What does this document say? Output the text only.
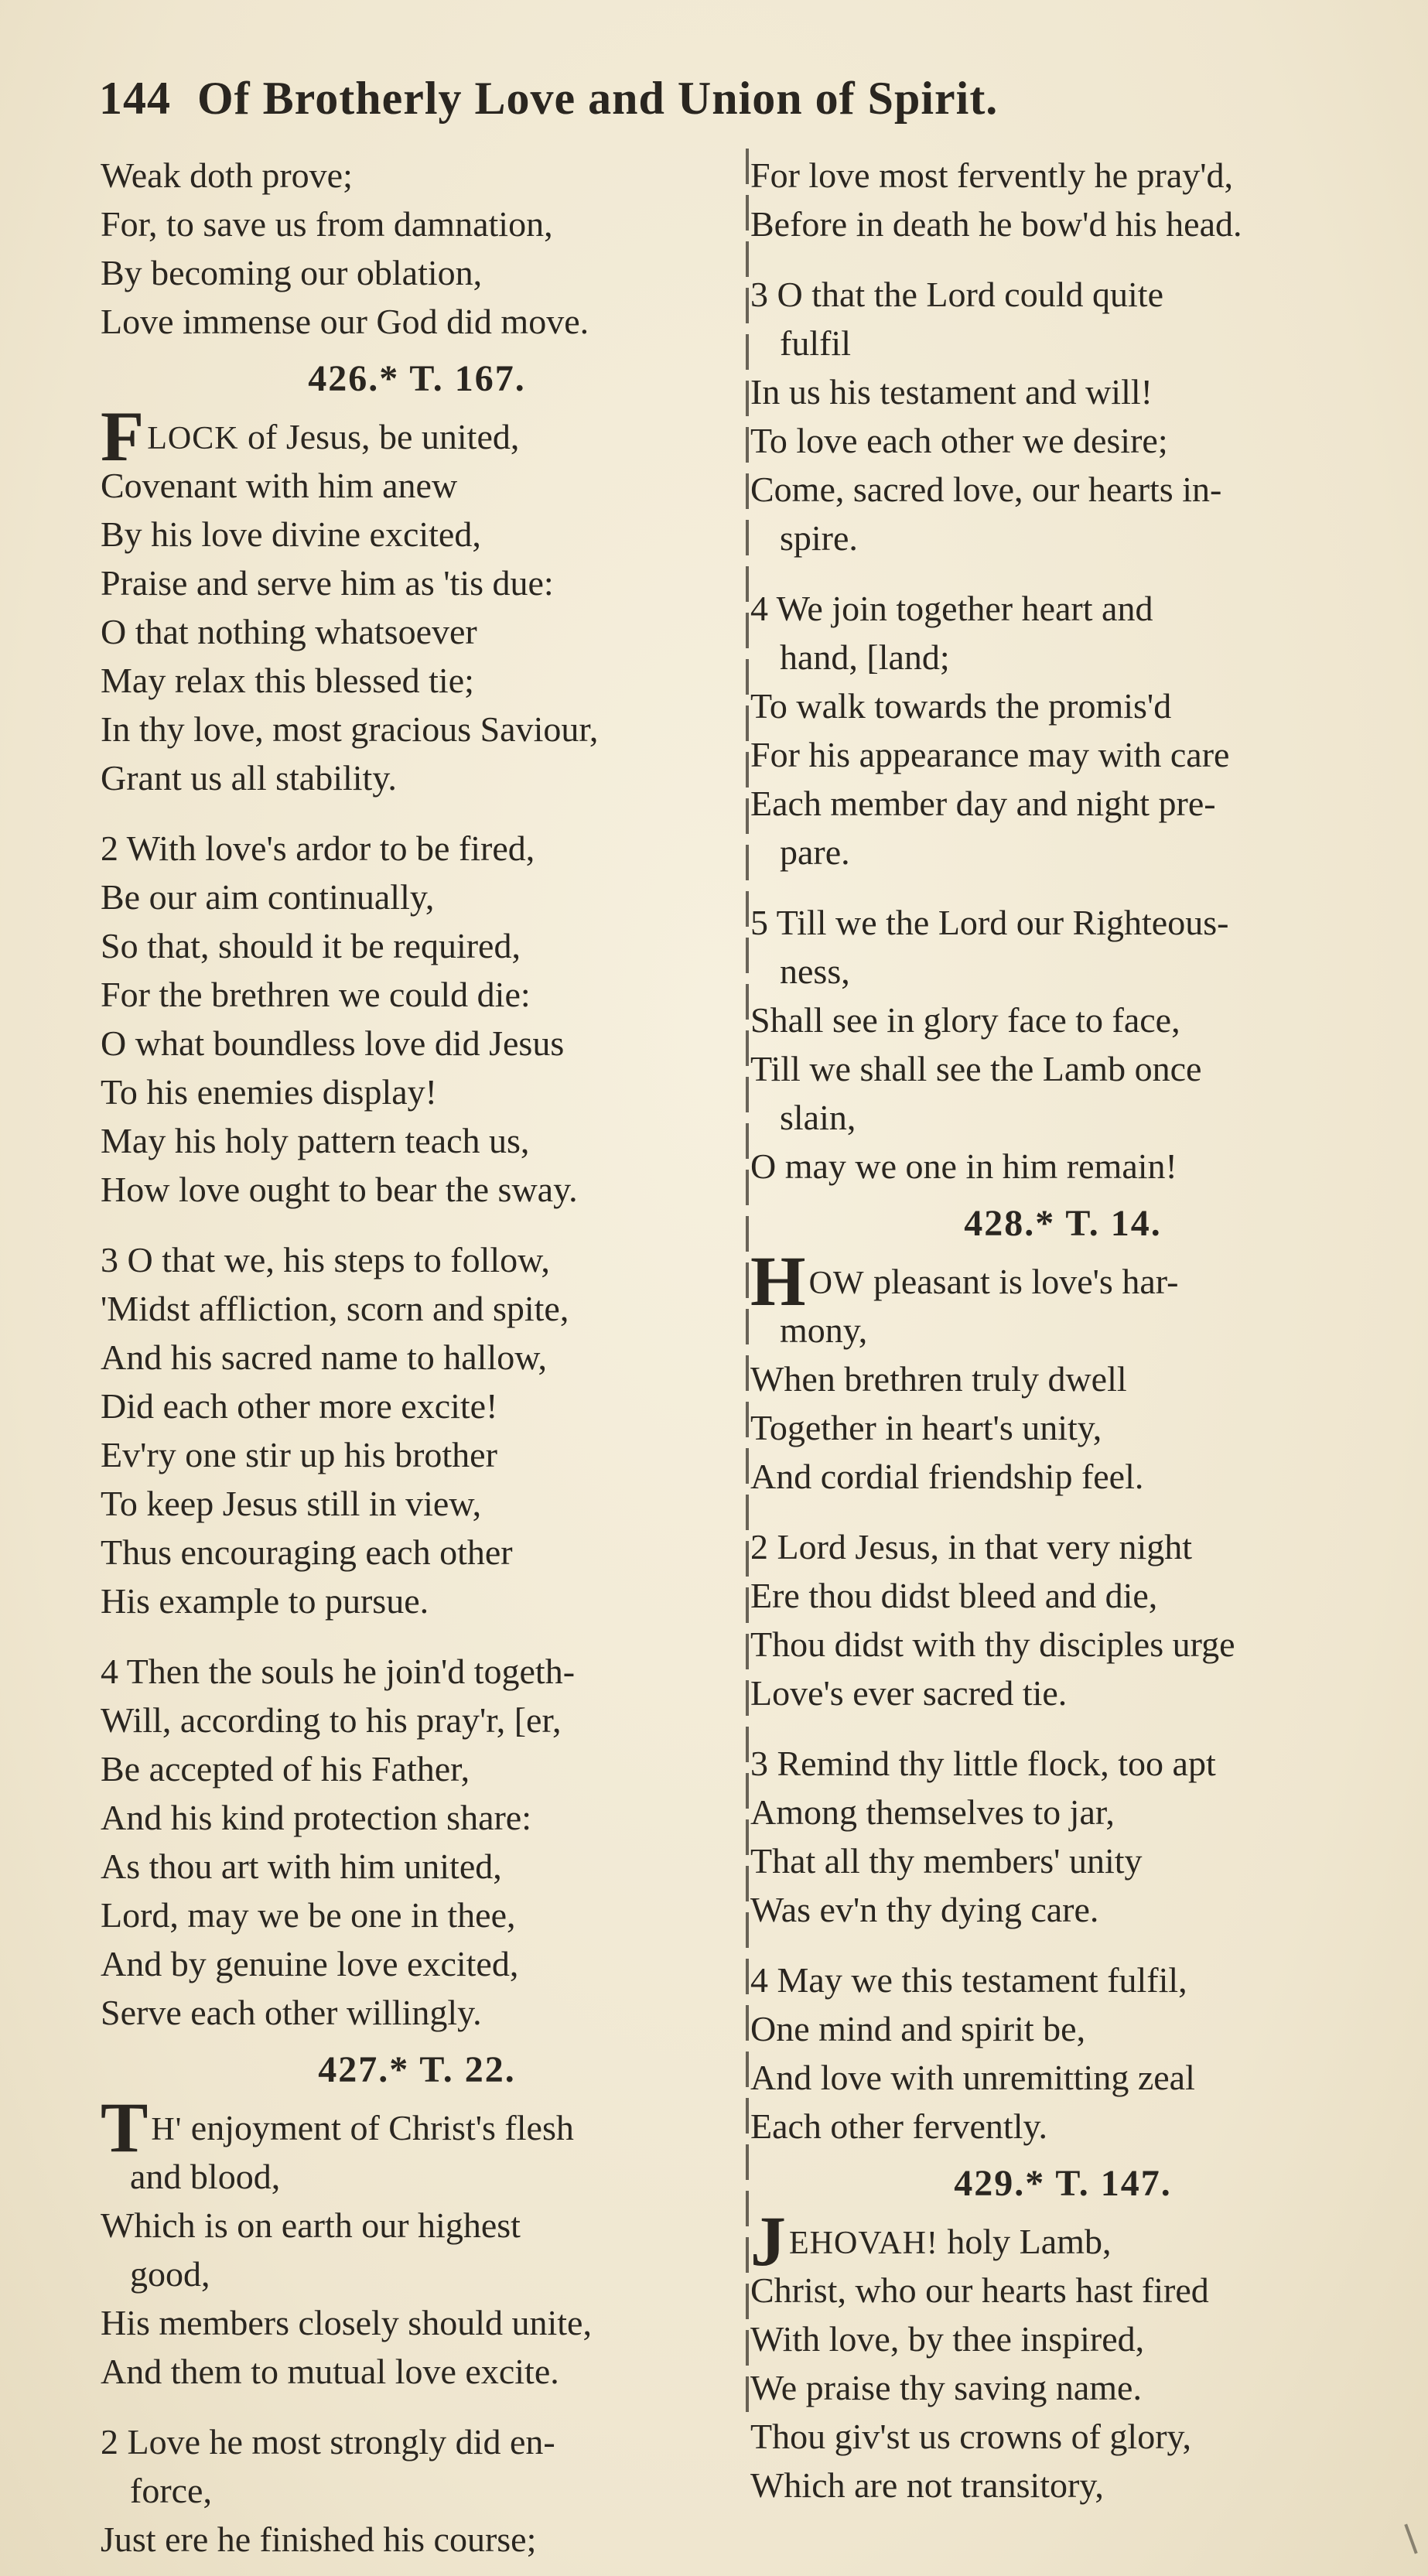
144 Of Brotherly Love and Union of Spirit.
Weak doth prove;
For, to save us from damnation,
By becoming our oblation,
Love immense our God did move.
426.* T. 167.
FLOCK of Jesus, be united,
Covenant with him anew
By his love divine excited,
Praise and serve him as 'tis due:
O that nothing whatsoever
May relax this blessed tie;
In thy love, most gracious Saviour,
Grant us all stability.
2 With love's ardor to be fired,
Be our aim continually,
So that, should it be required,
For the brethren we could die:
O what boundless love did Jesus
To his enemies display!
May his holy pattern teach us,
How love ought to bear the sway.
3 O that we, his steps to follow,
'Midst affliction, scorn and spite,
And his sacred name to hallow,
Did each other more excite!
Ev'ry one stir up his brother
To keep Jesus still in view,
Thus encouraging each other
His example to pursue.
4 Then the souls he join'd togeth-
Will, according to his pray'r, [er,
Be accepted of his Father,
And his kind protection share:
As thou art with him united,
Lord, may we be one in thee,
And by genuine love excited,
Serve each other willingly.
427.* T. 22.
TH' enjoyment of Christ's flesh
and blood,
Which is on earth our highest
good,
His members closely should unite,
And them to mutual love excite.
2 Love he most strongly did en-
force,
Just ere he finished his course;
For love most fervently he pray'd,
Before in death he bow'd his head.
3 O that the Lord could quite
fulfil
In us his testament and will!
To love each other we desire;
Come, sacred love, our hearts in-
spire.
4 We join together heart and
hand, [land;
To walk towards the promis'd
For his appearance may with care
Each member day and night pre-
pare.
5 Till we the Lord our Righteous-
ness,
Shall see in glory face to face,
Till we shall see the Lamb once
slain,
O may we one in him remain!
428.* T. 14.
HOW pleasant is love's har-
mony,
When brethren truly dwell
Together in heart's unity,
And cordial friendship feel.
2 Lord Jesus, in that very night
Ere thou didst bleed and die,
Thou didst with thy disciples urge
Love's ever sacred tie.
3 Remind thy little flock, too apt
Among themselves to jar,
That all thy members' unity
Was ev'n thy dying care.
4 May we this testament fulfil,
One mind and spirit be,
And love with unremitting zeal
Each other fervently.
429.* T. 147.
JEHOVAH! holy Lamb,
Christ, who our hearts hast fired
With love, by thee inspired,
We praise thy saving name.
Thou giv'st us crowns of glory,
Which are not transitory,
